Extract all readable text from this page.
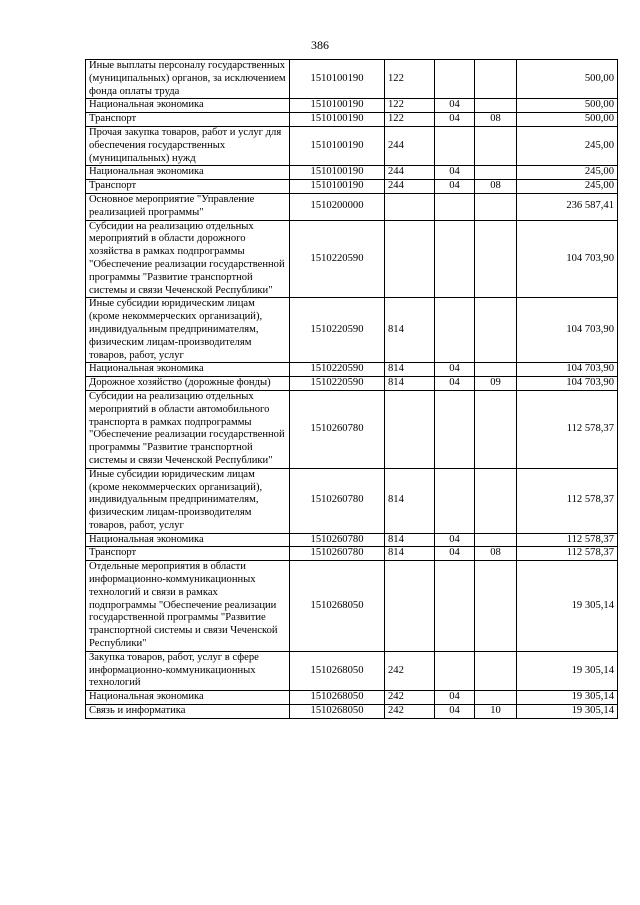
386
Иные выплаты персоналу государственных (муниципальных) органов, за исключением фонда оплаты труда	1510100190	122			500,00
Национальная экономика	1510100190	122	04		500,00
Транспорт	1510100190	122	04	08	500,00
Прочая закупка товаров, работ и услуг для обеспечения государственных (муниципальных) нужд	1510100190	244			245,00
Национальная экономика	1510100190	244	04		245,00
Транспорт	1510100190	244	04	08	245,00
Основное мероприятие "Управление реализацией программы"	1510200000				236 587,41
Субсидии на реализацию отдельных мероприятий в области дорожного хозяйства в рамках подпрограммы "Обеспечение реализации государственной программы "Развитие транспортной системы и связи Чеченской Республики"	1510220590				104 703,90
Иные субсидии юридическим лицам (кроме некоммерческих организаций), индивидуальным предпринимателям, физическим лицам-производителям товаров, работ, услуг	1510220590	814			104 703,90
Национальная экономика	1510220590	814	04		104 703,90
Дорожное хозяйство (дорожные фонды)	1510220590	814	04	09	104 703,90
Субсидии на реализацию отдельных мероприятий в области автомобильного транспорта в рамках подпрограммы "Обеспечение реализации государственной программы "Развитие транспортной системы и связи Чеченской Республики"	1510260780				112 578,37
Иные субсидии юридическим лицам (кроме некоммерческих организаций), индивидуальным предпринимателям, физическим лицам-производителям товаров, работ, услуг	1510260780	814			112 578,37
Национальная экономика	1510260780	814	04		112 578,37
Транспорт	1510260780	814	04	08	112 578,37
Отдельные мероприятия в области информационно-коммуникационных технологий и связи в рамках подпрограммы "Обеспечение реализации государственной программы "Развитие транспортной системы и связи Чеченской Республики"	1510268050				19 305,14
Закупка товаров, работ, услуг в сфере информационно-коммуникационных технологий	1510268050	242			19 305,14
Национальная экономика	1510268050	242	04		19 305,14
Связь и информатика	1510268050	242	04	10	19 305,14
